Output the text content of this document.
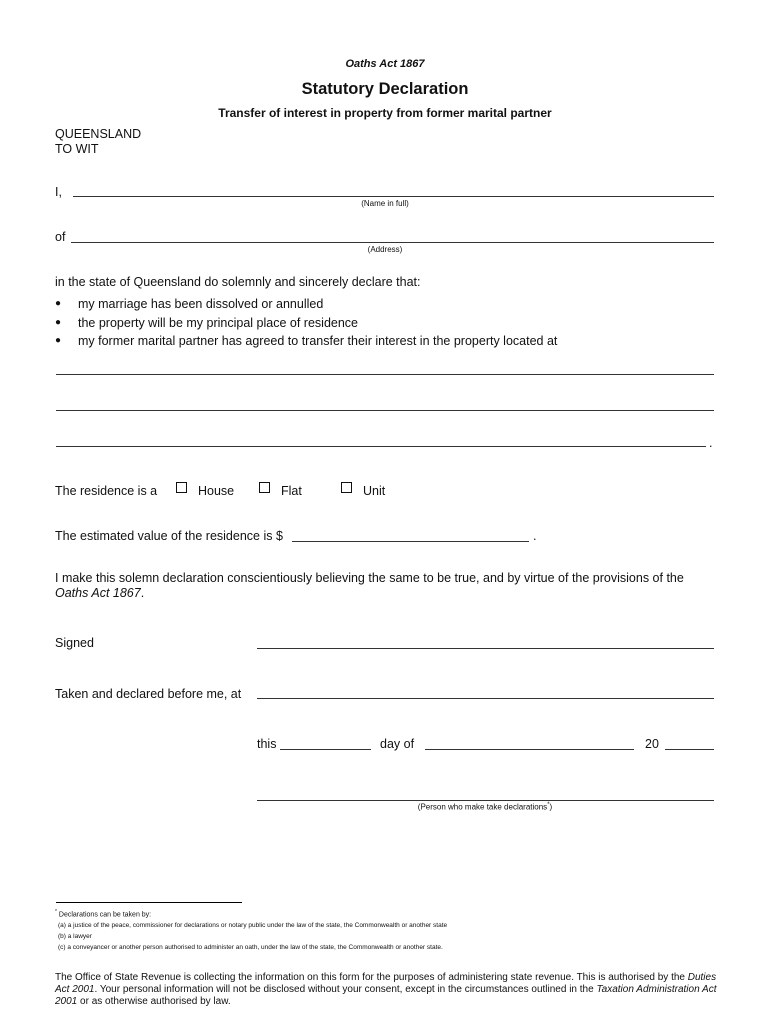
Oaths Act 1867
Statutory Declaration
Transfer of interest in property from former marital partner
QUEENSLAND
TO WIT
I,
(Name in full)
of
(Address)
in the state of Queensland do solemnly and sincerely declare that:
● my marriage has been dissolved or annulled
● the property will be my principal place of residence
● my former marital partner has agreed to transfer their interest in the property located at
.
The residence is a	House	Flat	Unit
The estimated value of the residence is $	.
I make this solemn declaration conscientiously believing the same to be true, and by virtue of the provisions of the
Oaths Act 1867.
Signed
Taken and declared before me, at
this	day of	20
(Person who make take declarations*)
* Declarations can be taken by:
(a) a justice of the peace, commissioner for declarations or notary public under the law of the state, the Commonwealth or another state
(b) a lawyer
(c) a conveyancer or another person authorised to administer an oath, under the law of the state, the Commonwealth or another state.
The Office of State Revenue is collecting the information on this form for the purposes of administering state revenue. This is authorised by the Duties Act 2001. Your personal information will not be disclosed without your consent, except in the circumstances outlined in the Taxation Administration Act 2001 or as otherwise authorised by law.
